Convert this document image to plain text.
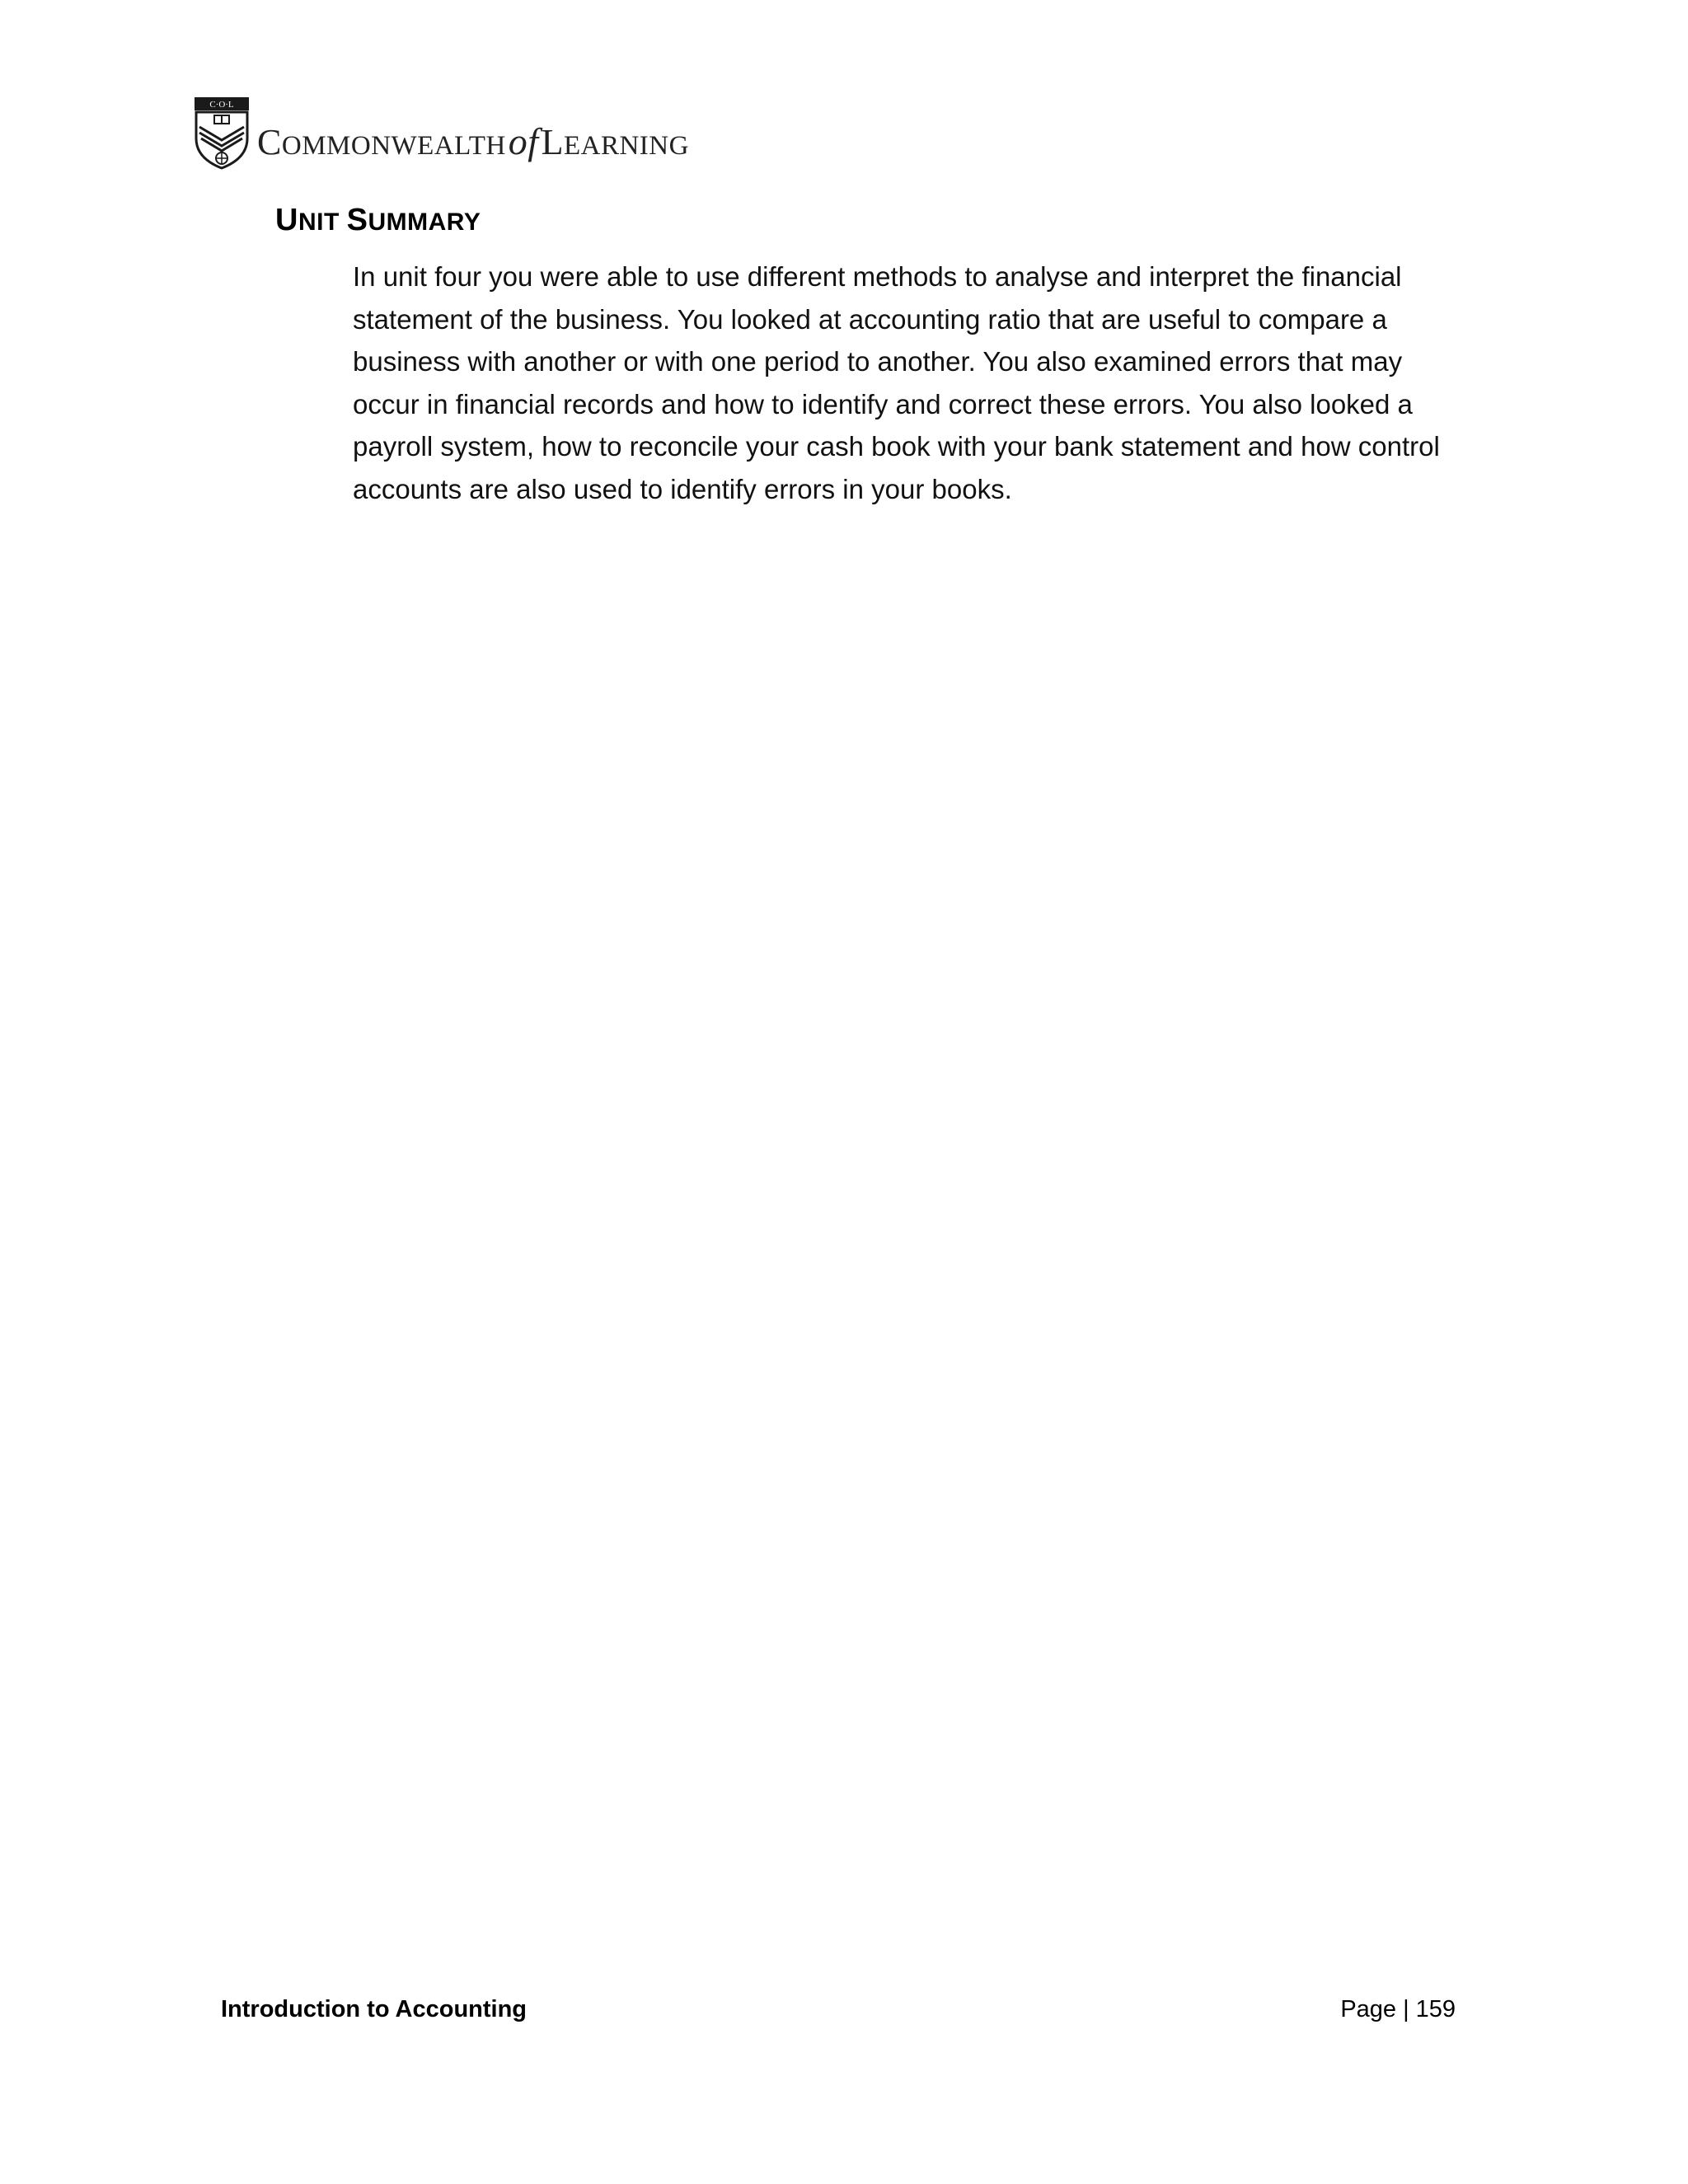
C·O·L
COMMONWEALTHofLEARNING
UNIT SUMMARY

In unit four you were able to use different methods to analyse and interpret the financial
statement of the business. You looked at accounting ratio that are useful to compare a
business with another or with one period to another. You also examined errors that may
occur in financial records and how to identify and correct these errors. You also looked a
payroll system, how to reconcile your cash book with your bank statement and how control
accounts are also used to identify errors in your books.

Introduction to Accounting	Page | 159
